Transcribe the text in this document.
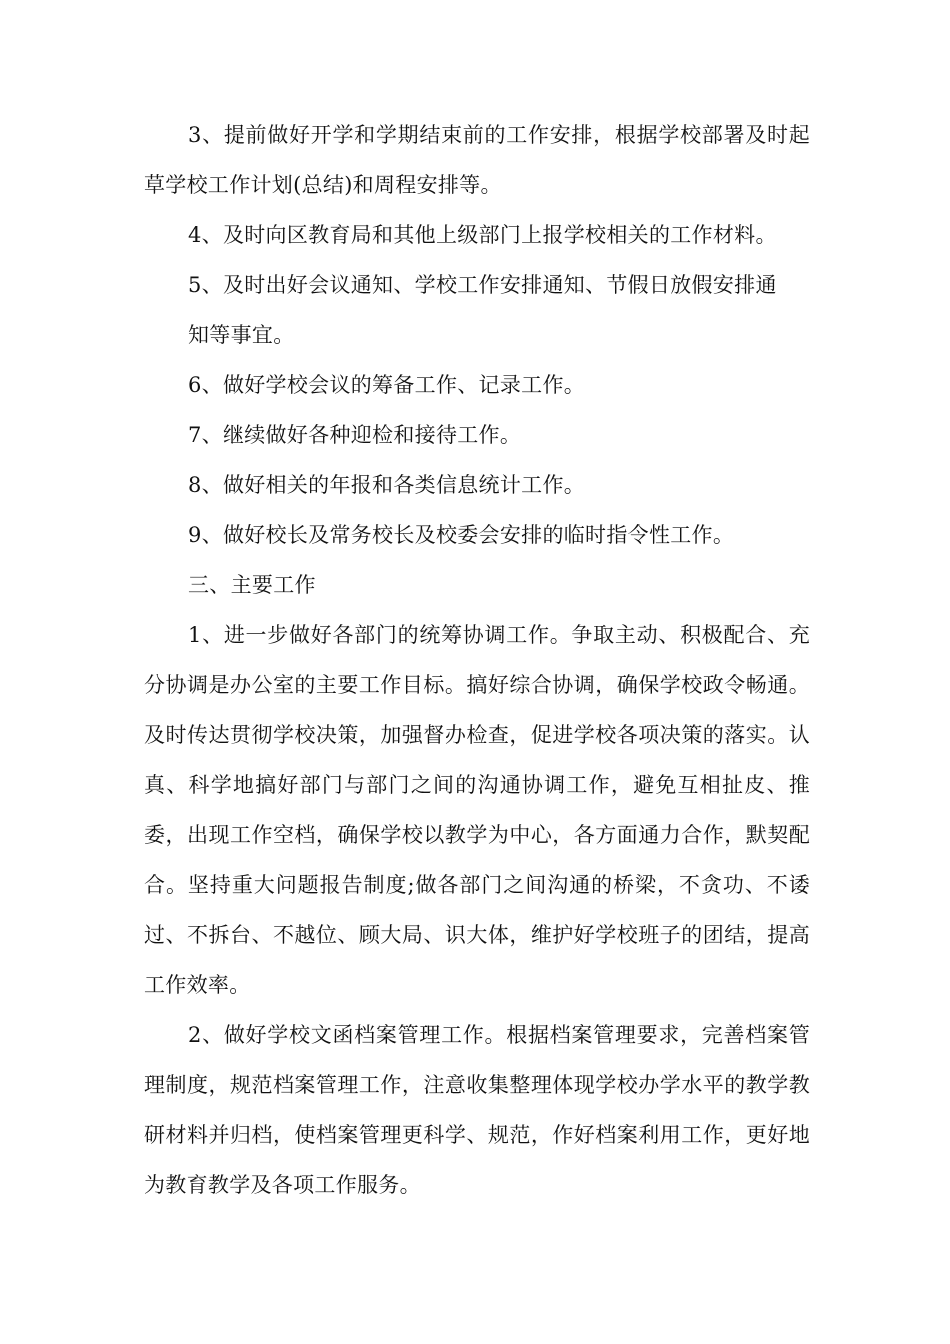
3、提前做好开学和学期结束前的工作安排，根据学校部署及时起草学校工作计划(总结)和周程安排等。

4、及时向区教育局和其他上级部门上报学校相关的工作材料。

5、及时出好会议通知、学校工作安排通知、节假日放假安排通

知等事宜。

6、做好学校会议的筹备工作、记录工作。

7、继续做好各种迎检和接待工作。

8、做好相关的年报和各类信息统计工作。

9、做好校长及常务校长及校委会安排的临时指令性工作。

三、主要工作

1、进一步做好各部门的统筹协调工作。争取主动、积极配合、充分协调是办公室的主要工作目标。搞好综合协调，确保学校政令畅通。及时传达贯彻学校决策，加强督办检查，促进学校各项决策的落实。认真、科学地搞好部门与部门之间的沟通协调工作，避免互相扯皮、推委，出现工作空档，确保学校以教学为中心，各方面通力合作，默契配合。坚持重大问题报告制度;做各部门之间沟通的桥梁，不贪功、不诿过、不拆台、不越位、顾大局、识大体，维护好学校班子的团结，提高工作效率。

2、做好学校文函档案管理工作。根据档案管理要求，完善档案管理制度，规范档案管理工作，注意收集整理体现学校办学水平的教学教研材料并归档，使档案管理更科学、规范，作好档案利用工作，更好地为教育教学及各项工作服务。
